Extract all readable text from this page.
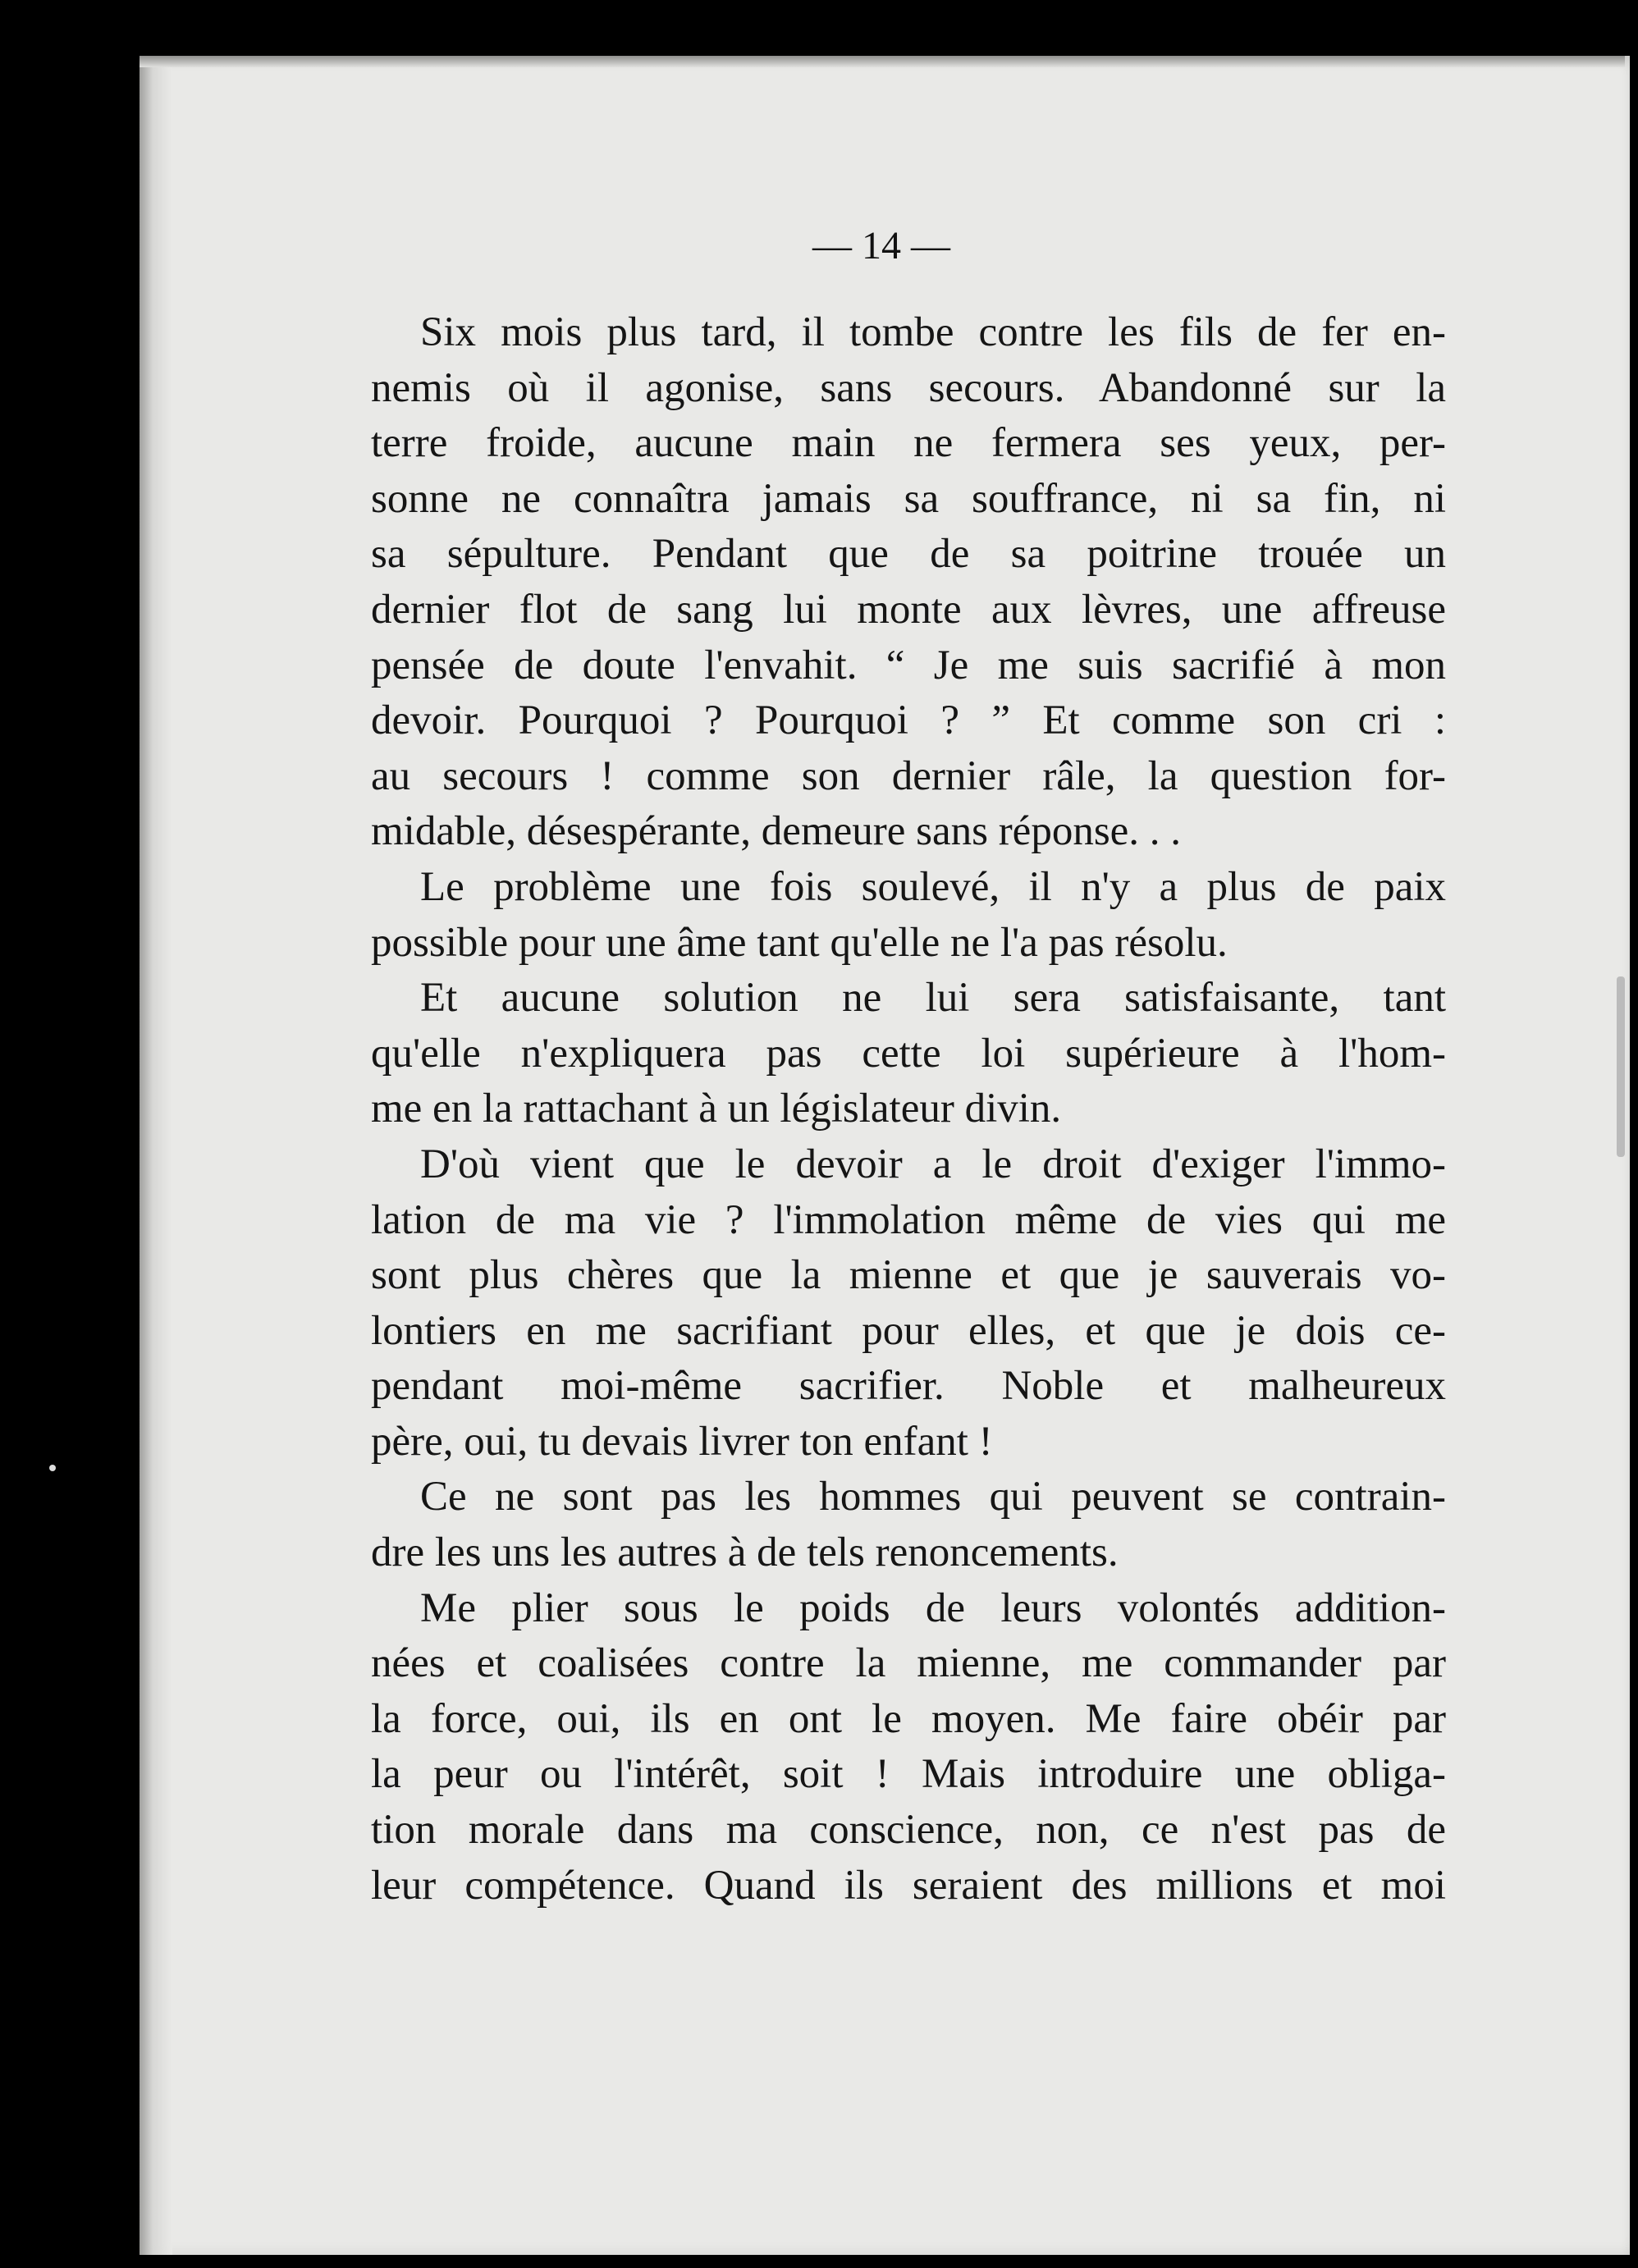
— 14 —
Six mois plus tard, il tombe contre les fils de fer en-
nemis où il agonise, sans secours. Abandonné sur la
terre froide, aucune main ne fermera ses yeux, per-
sonne ne connaîtra jamais sa souffrance, ni sa fin, ni
sa sépulture. Pendant que de sa poitrine trouée un
dernier flot de sang lui monte aux lèvres, une affreuse
pensée de doute l'envahit. “ Je me suis sacrifié à mon
devoir. Pourquoi ? Pourquoi ? ” Et comme son cri :
au secours ! comme son dernier râle, la question for-
midable, désespérante, demeure sans réponse. . .
Le problème une fois soulevé, il n'y a plus de paix
possible pour une âme tant qu'elle ne l'a pas résolu.
Et aucune solution ne lui sera satisfaisante, tant
qu'elle n'expliquera pas cette loi supérieure à l'hom-
me en la rattachant à un législateur divin.
D'où vient que le devoir a le droit d'exiger l'immo-
lation de ma vie ? l'immolation même de vies qui me
sont plus chères que la mienne et que je sauverais vo-
lontiers en me sacrifiant pour elles, et que je dois ce-
pendant moi-même sacrifier. Noble et malheureux
père, oui, tu devais livrer ton enfant !
Ce ne sont pas les hommes qui peuvent se contrain-
dre les uns les autres à de tels renoncements.
Me plier sous le poids de leurs volontés addition-
nées et coalisées contre la mienne, me commander par
la force, oui, ils en ont le moyen. Me faire obéir par
la peur ou l'intérêt, soit ! Mais introduire une obliga-
tion morale dans ma conscience, non, ce n'est pas de
leur compétence. Quand ils seraient des millions et moi
